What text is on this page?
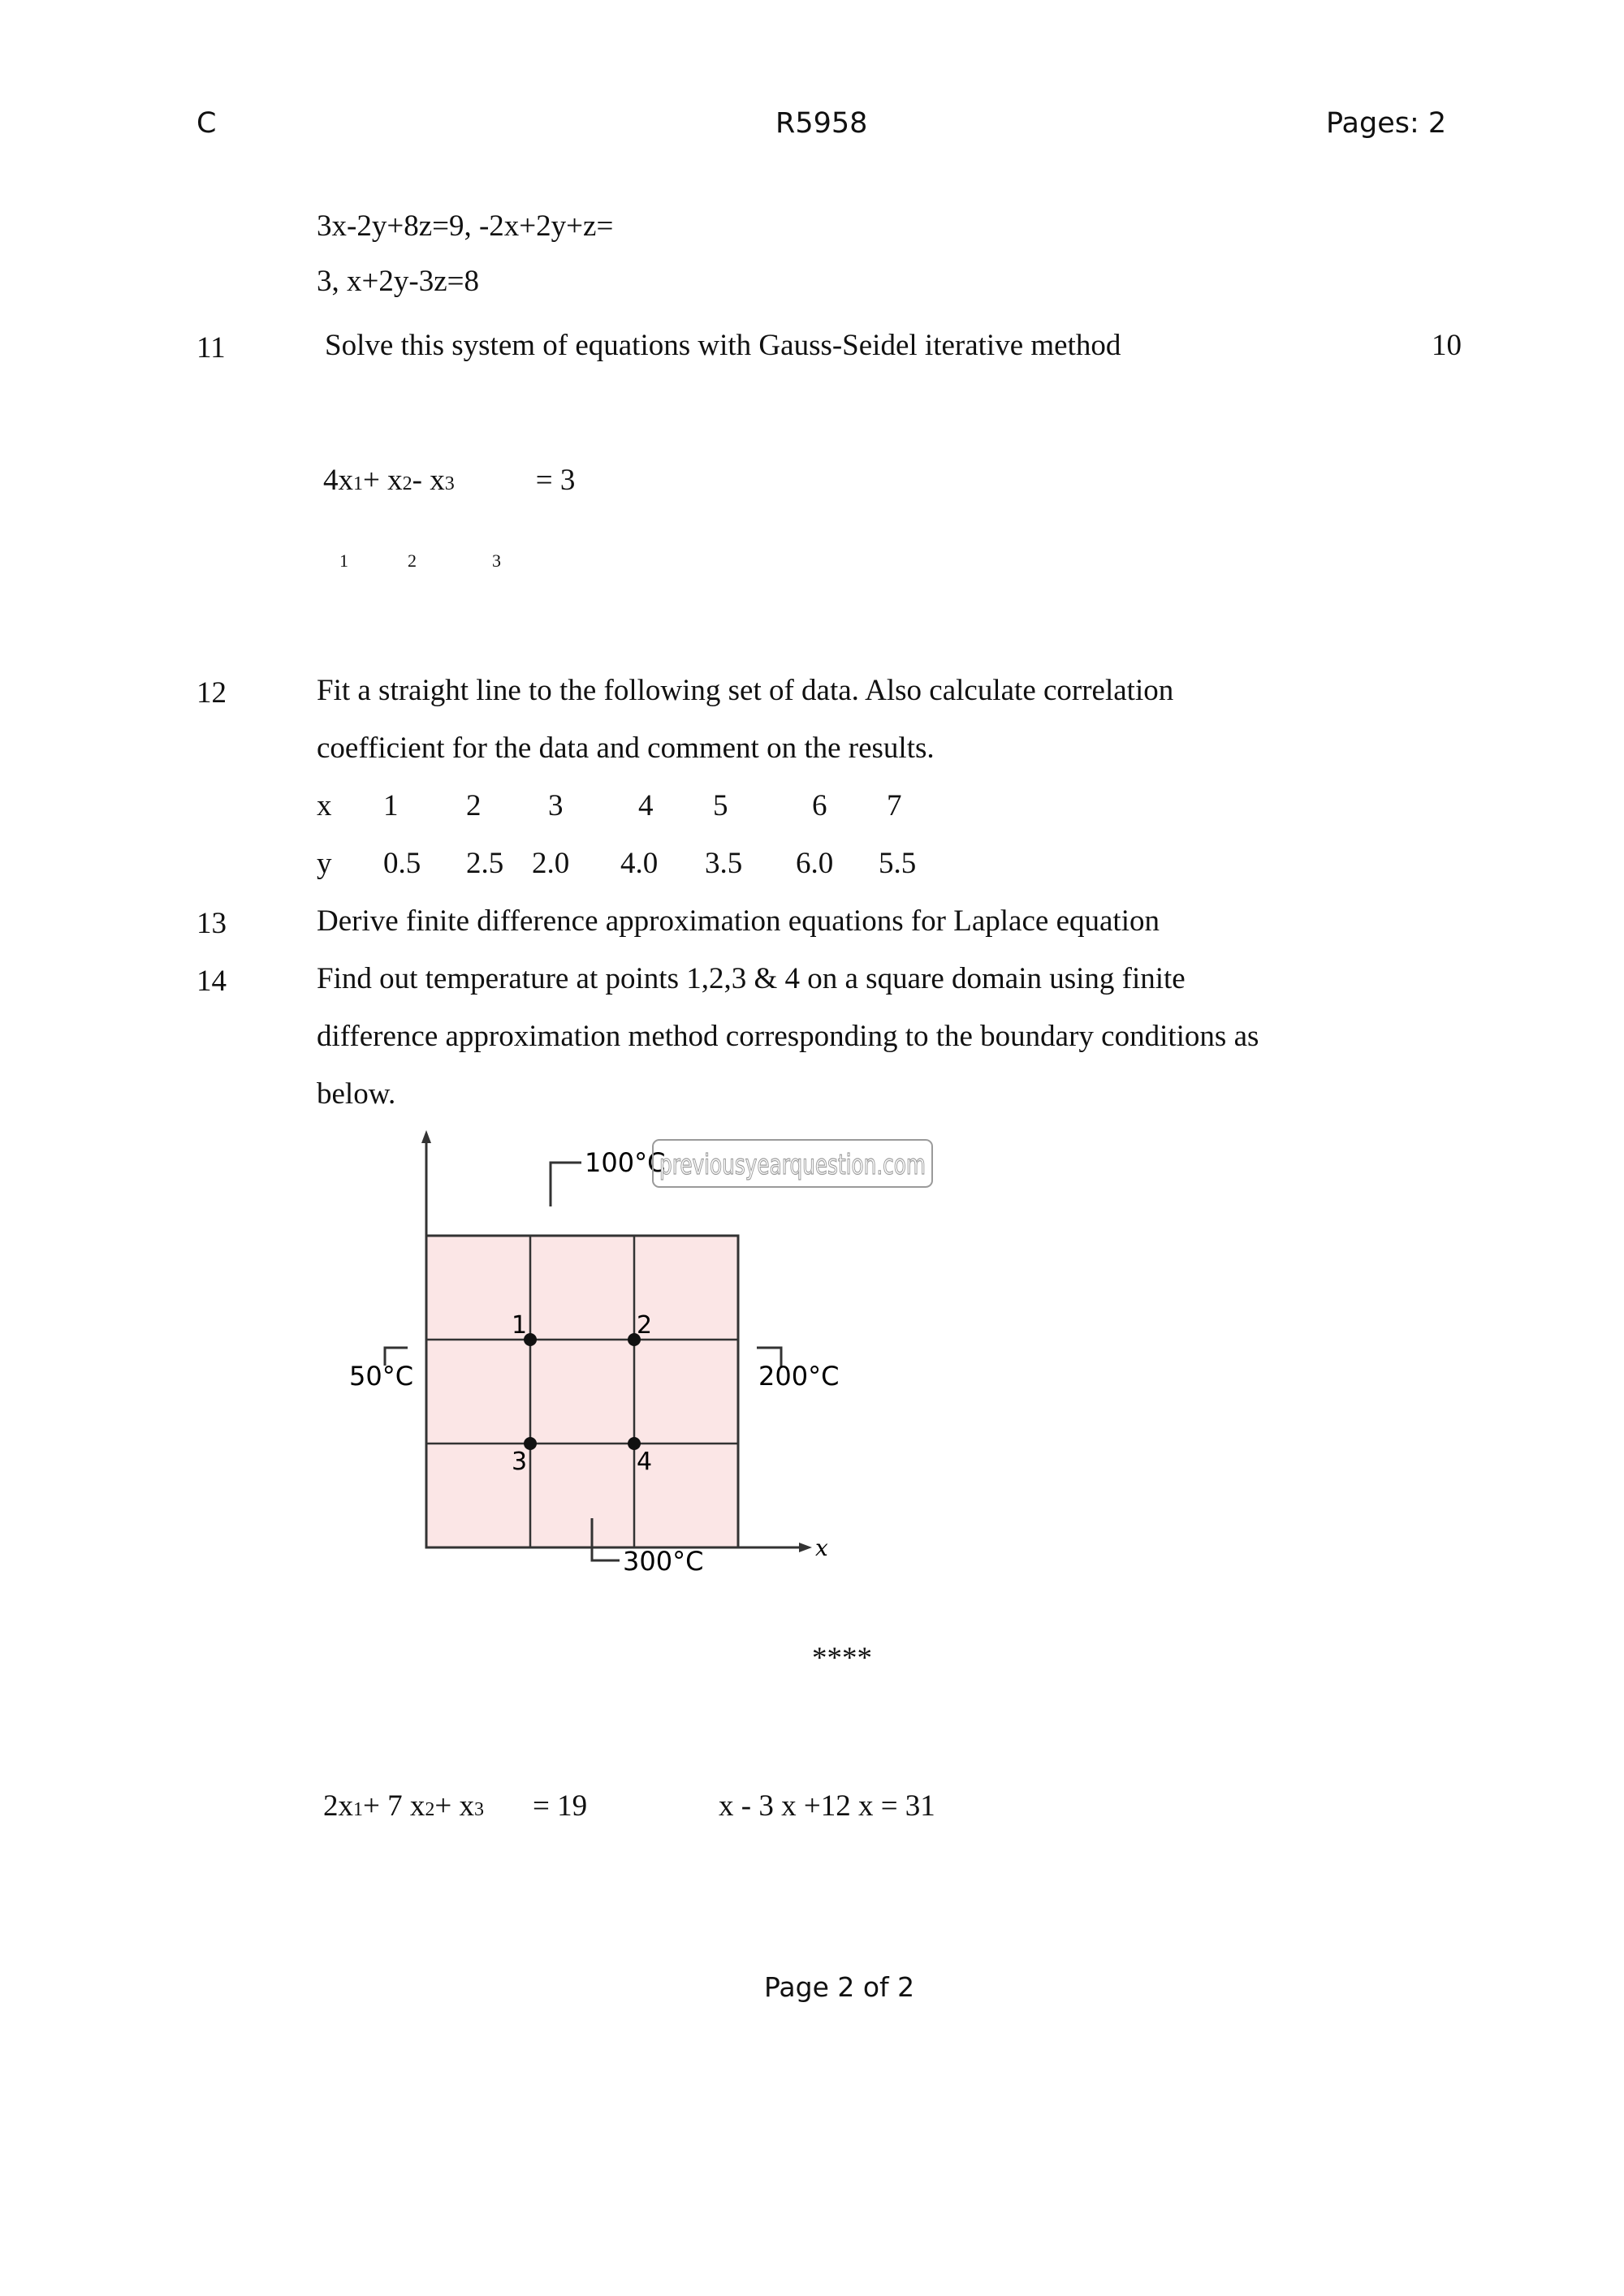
C	R5958	Pages: 2
3x-2y+8z=9, -2x+2y+z=
3, x+2y-3z=8
11	Solve this system of equations with Gauss-Seidel iterative method	10
4x1+ x2- x3	= 3
1	2	3
12	Fit a straight line to the following set of data. Also calculate correlation
coefficient for the data and comment on the results.
x 1 2 3	4 5	6 7
y 0.5 2.5 2.0 4.0 3.5 6.0 5.5
13	Derive finite difference approximation equations for Laplace equation
14	Find out temperature at points 1,2,3 & 4 on a square domain using finite
difference approximation method corresponding to the boundary conditions as
below.
x
100°C
previousyearquestion.com
50°C	200°C
300°C
1	2
3	4
****
2x1+ 7 x2+ x3 = 19	x - 3 x +12 x = 31
Page 2 of 2
